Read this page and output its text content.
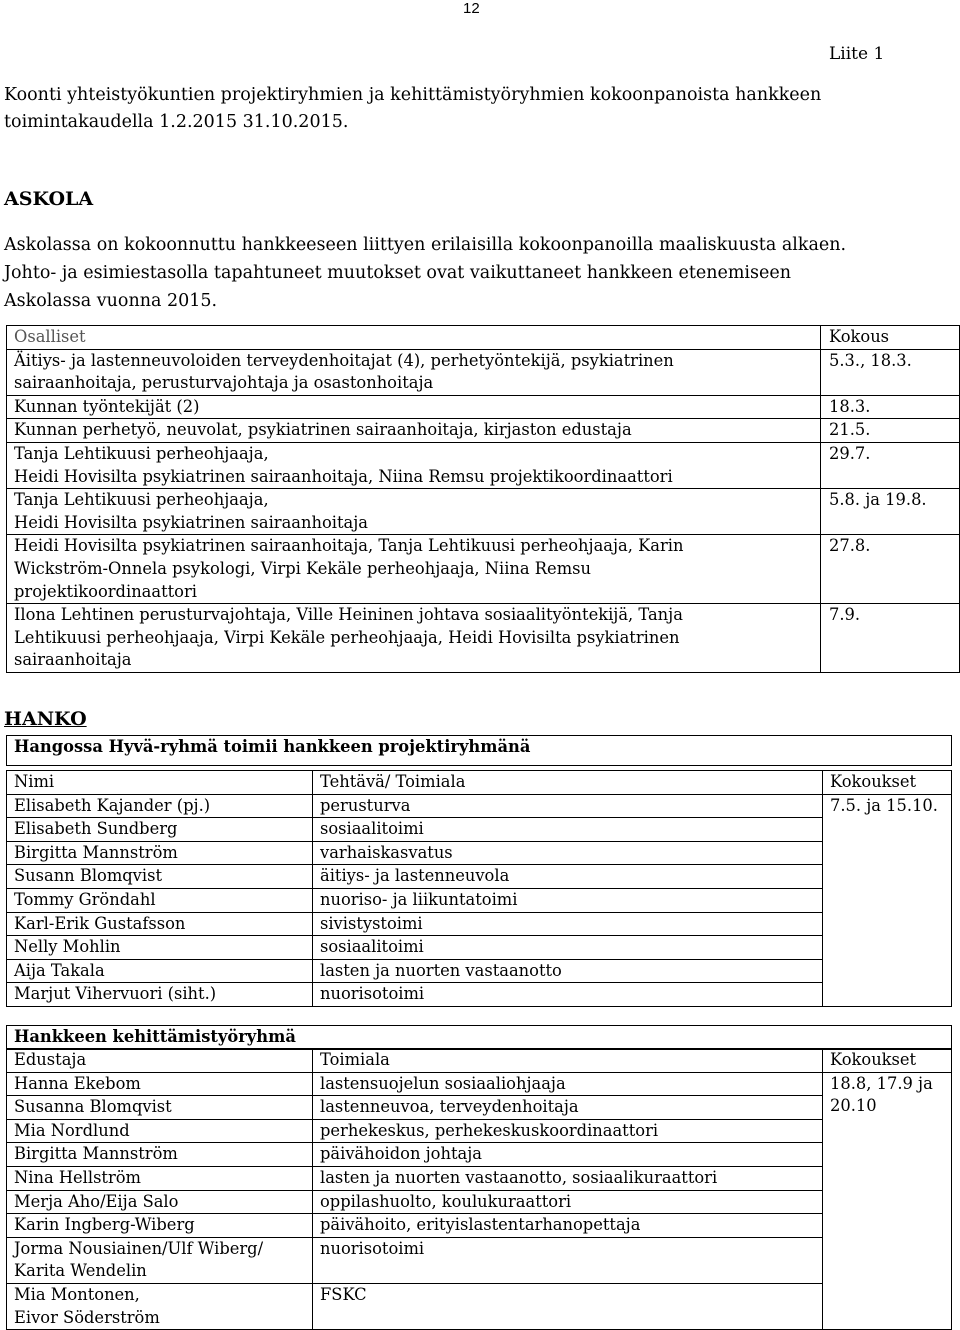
12
Liite 1
Koonti yhteistyökuntien projektiryhmien ja kehittämistyöryhmien kokoonpanoista hankkeen
toimintakaudella 1.2.2015 31.10.2015.
ASKOLA
Askolassa on kokoonnuttu hankkeeseen liittyen erilaisilla kokoonpanoilla maaliskuusta alkaen.
Johto- ja esimiestasolla tapahtuneet muutokset ovat vaikuttaneet hankkeen etenemiseen
Askolassa vuonna 2015.
Osalliset	Kokous

Äitiys- ja lastenneuvoloiden terveydenhoitajat (4), perhetyöntekijä, psykiatrinen
sairaanhoitaja, perusturvajohtaja ja osastonhoitaja	5.3., 18.3.

Kunnan työntekijät (2)	18.3.

Kunnan perhetyö, neuvolat, psykiatrinen sairaanhoitaja, kirjaston edustaja	21.5.

Tanja Lehtikuusi perheohjaaja,
Heidi Hovisilta psykiatrinen sairaanhoitaja, Niina Remsu projektikoordinaattori	29.7.

Tanja Lehtikuusi perheohjaaja,
Heidi Hovisilta psykiatrinen sairaanhoitaja	5.8. ja 19.8.

Heidi Hovisilta psykiatrinen sairaanhoitaja, Tanja Lehtikuusi perheohjaaja, Karin
Wickström-Onnela psykologi, Virpi Kekäle perheohjaaja, Niina Remsu
projektikoordinaattori	27.8.

Ilona Lehtinen perusturvajohtaja, Ville Heininen johtava sosiaalityöntekijä, Tanja
Lehtikuusi perheohjaaja, Virpi Kekäle perheohjaaja, Heidi Hovisilta psykiatrinen
sairaanhoitaja	7.9.
HANKO
Hangossa Hyvä-ryhmä toimii hankkeen projektiryhmänä
Nimi	Tehtävä/ Toimiala	Kokoukset
Elisabeth Kajander (pj.)	perusturva	7.5. ja 15.10.
Elisabeth Sundberg	sosiaalitoimi	
Birgitta Mannström	varhaiskasvatus	
Susann Blomqvist	äitiys- ja lastenneuvola	
Tommy Gröndahl	nuoriso- ja liikuntatoimi	
Karl-Erik Gustafsson	sivistystoimi	
Nelly Mohlin	sosiaalitoimi	
Aija Takala	lasten ja nuorten vastaanotto	
Marjut Vihervuori (siht.)	nuorisotoimi	
Hankkeen kehittämistyöryhmä
Edustaja	Toimiala	Kokoukset

Hanna Ekebom	lastensuojelun sosiaaliohjaaja	18.8, 17.9 ja
20.10

Susanna Blomqvist	lastenneuvoa, terveydenhoitaja	

Mia Nordlund	perhekeskus, perhekeskuskoordinaattori	

Birgitta Mannström	päivähoidon johtaja	

Nina Hellström	lasten ja nuorten vastaanotto, sosiaalikuraattori	

Merja Aho/Eija Salo	oppilashuolto, koulukuraattori	

Karin Ingberg-Wiberg	päivähoito, erityislastentarhanopettaja	

Jorma Nousiainen/Ulf Wiberg/
Karita Wendelin	nuorisotoimi	

Mia Montonen,
Eivor Söderström	FSKC	
